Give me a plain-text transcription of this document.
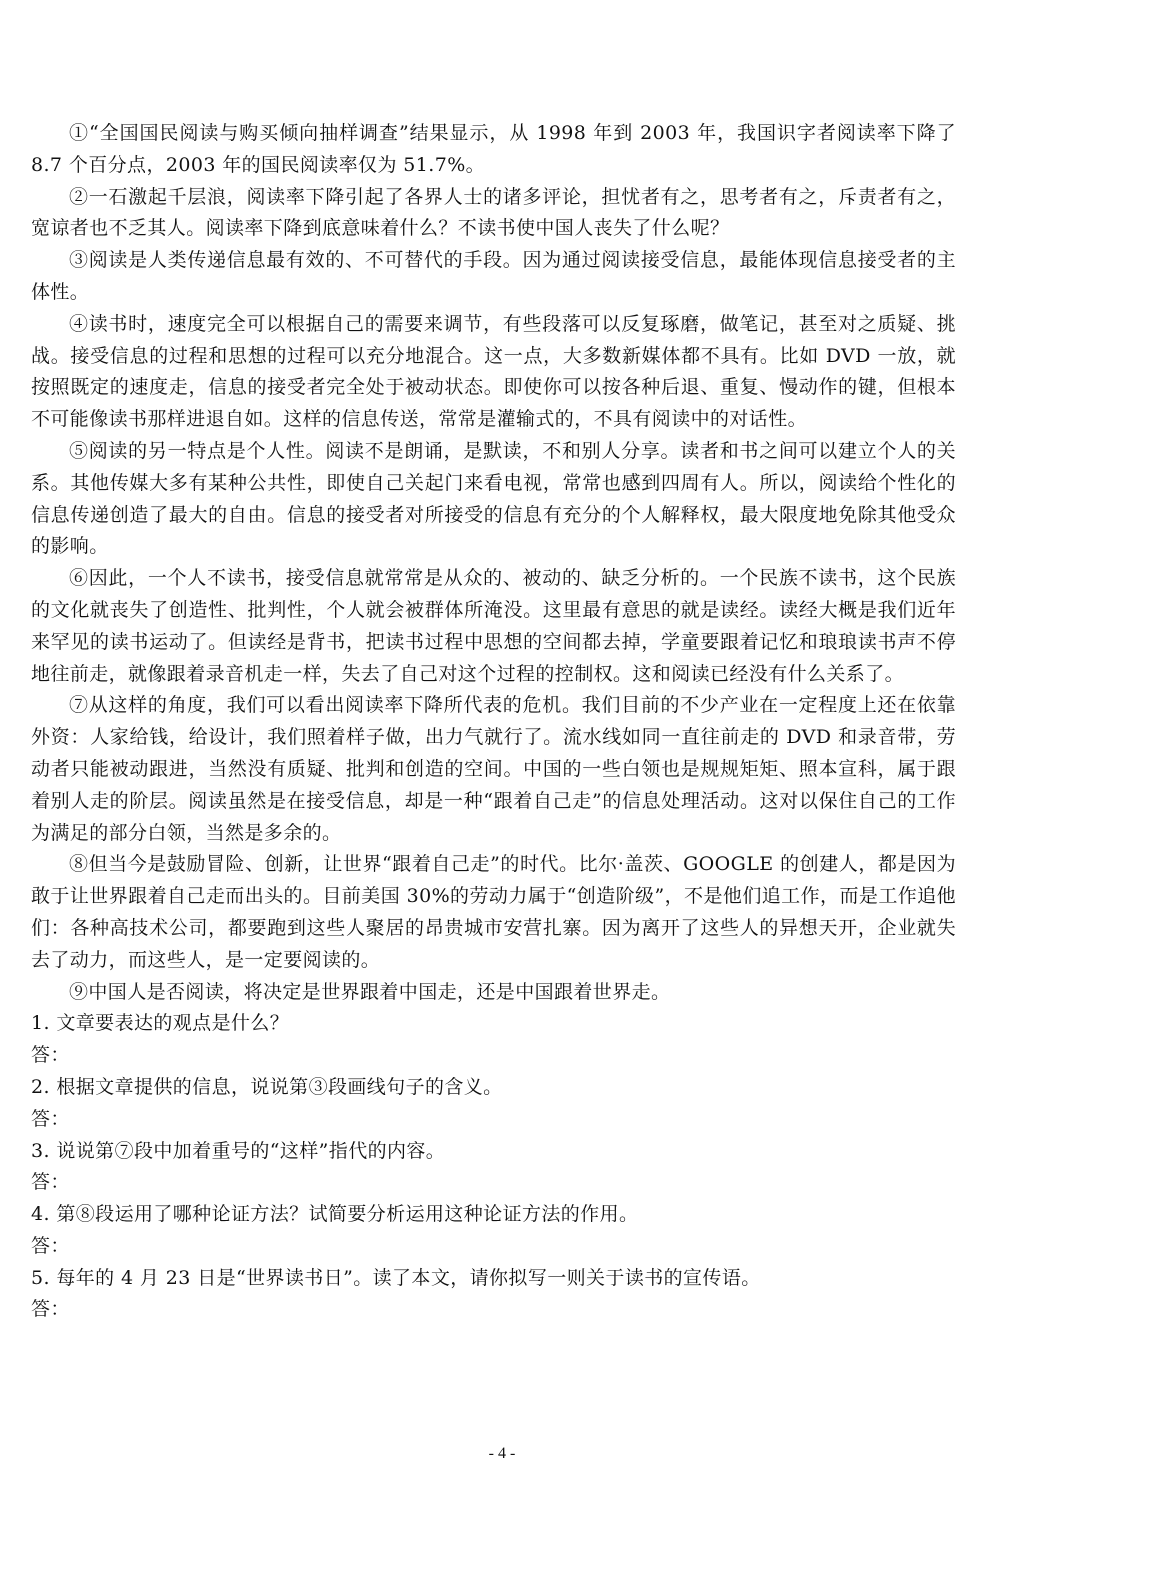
①“全国国民阅读与购买倾向抽样调查”结果显示，从 1998 年到 2003 年，我国识字者阅读率下降了 8.7 个百分点，2003 年的国民阅读率仅为 51.7%。

②一石激起千层浪，阅读率下降引起了各界人士的诸多评论，担忧者有之，思考者有之，斥责者有之，宽谅者也不乏其人。阅读率下降到底意味着什么？不读书使中国人丧失了什么呢？

③阅读是人类传递信息最有效的、不可替代的手段。因为通过阅读接受信息，最能体现信息接受者的主体性。

④读书时，速度完全可以根据自己的需要来调节，有些段落可以反复琢磨，做笔记，甚至对之质疑、挑战。接受信息的过程和思想的过程可以充分地混合。这一点，大多数新媒体都不具有。比如 DVD 一放，就按照既定的速度走，信息的接受者完全处于被动状态。即使你可以按各种后退、重复、慢动作的键，但根本不可能像读书那样进退自如。这样的信息传送，常常是灌输式的，不具有阅读中的对话性。

⑤阅读的另一特点是个人性。阅读不是朗诵，是默读，不和别人分享。读者和书之间可以建立个人的关系。其他传媒大多有某种公共性，即使自己关起门来看电视，常常也感到四周有人。所以，阅读给个性化的信息传递创造了最大的自由。信息的接受者对所接受的信息有充分的个人解释权，最大限度地免除其他受众的影响。

⑥因此，一个人不读书，接受信息就常常是从众的、被动的、缺乏分析的。一个民族不读书，这个民族的文化就丧失了创造性、批判性，个人就会被群体所淹没。这里最有意思的就是读经。读经大概是我们近年来罕见的读书运动了。但读经是背书，把读书过程中思想的空间都去掉，学童要跟着记忆和琅琅读书声不停地往前走，就像跟着录音机走一样，失去了自己对这个过程的控制权。这和阅读已经没有什么关系了。

⑦从这样的角度，我们可以看出阅读率下降所代表的危机。我们目前的不少产业在一定程度上还在依靠外资：人家给钱，给设计，我们照着样子做，出力气就行了。流水线如同一直往前走的 DVD 和录音带，劳动者只能被动跟进，当然没有质疑、批判和创造的空间。中国的一些白领也是规规矩矩、照本宣科，属于跟着别人走的阶层。阅读虽然是在接受信息，却是一种“跟着自己走”的信息处理活动。这对以保住自己的工作为满足的部分白领，当然是多余的。

⑧但当今是鼓励冒险、创新，让世界“跟着自己走”的时代。比尔·盖茨、GOOGLE 的创建人，都是因为敢于让世界跟着自己走而出头的。目前美国 30%的劳动力属于“创造阶级”，不是他们追工作，而是工作追他们：各种高技术公司，都要跑到这些人聚居的昂贵城市安营扎寨。因为离开了这些人的异想天开，企业就失去了动力，而这些人，是一定要阅读的。

⑨中国人是否阅读，将决定是世界跟着中国走，还是中国跟着世界走。

1. 文章要表达的观点是什么？

答：

2. 根据文章提供的信息，说说第③段画线句子的含义。

答：

3. 说说第⑦段中加着重号的“这样”指代的内容。

答：

4. 第⑧段运用了哪种论证方法？试简要分析运用这种论证方法的作用。

答：

5. 每年的 4 月 23 日是“世界读书日”。读了本文，请你拟写一则关于读书的宣传语。

答：

- 4 -
